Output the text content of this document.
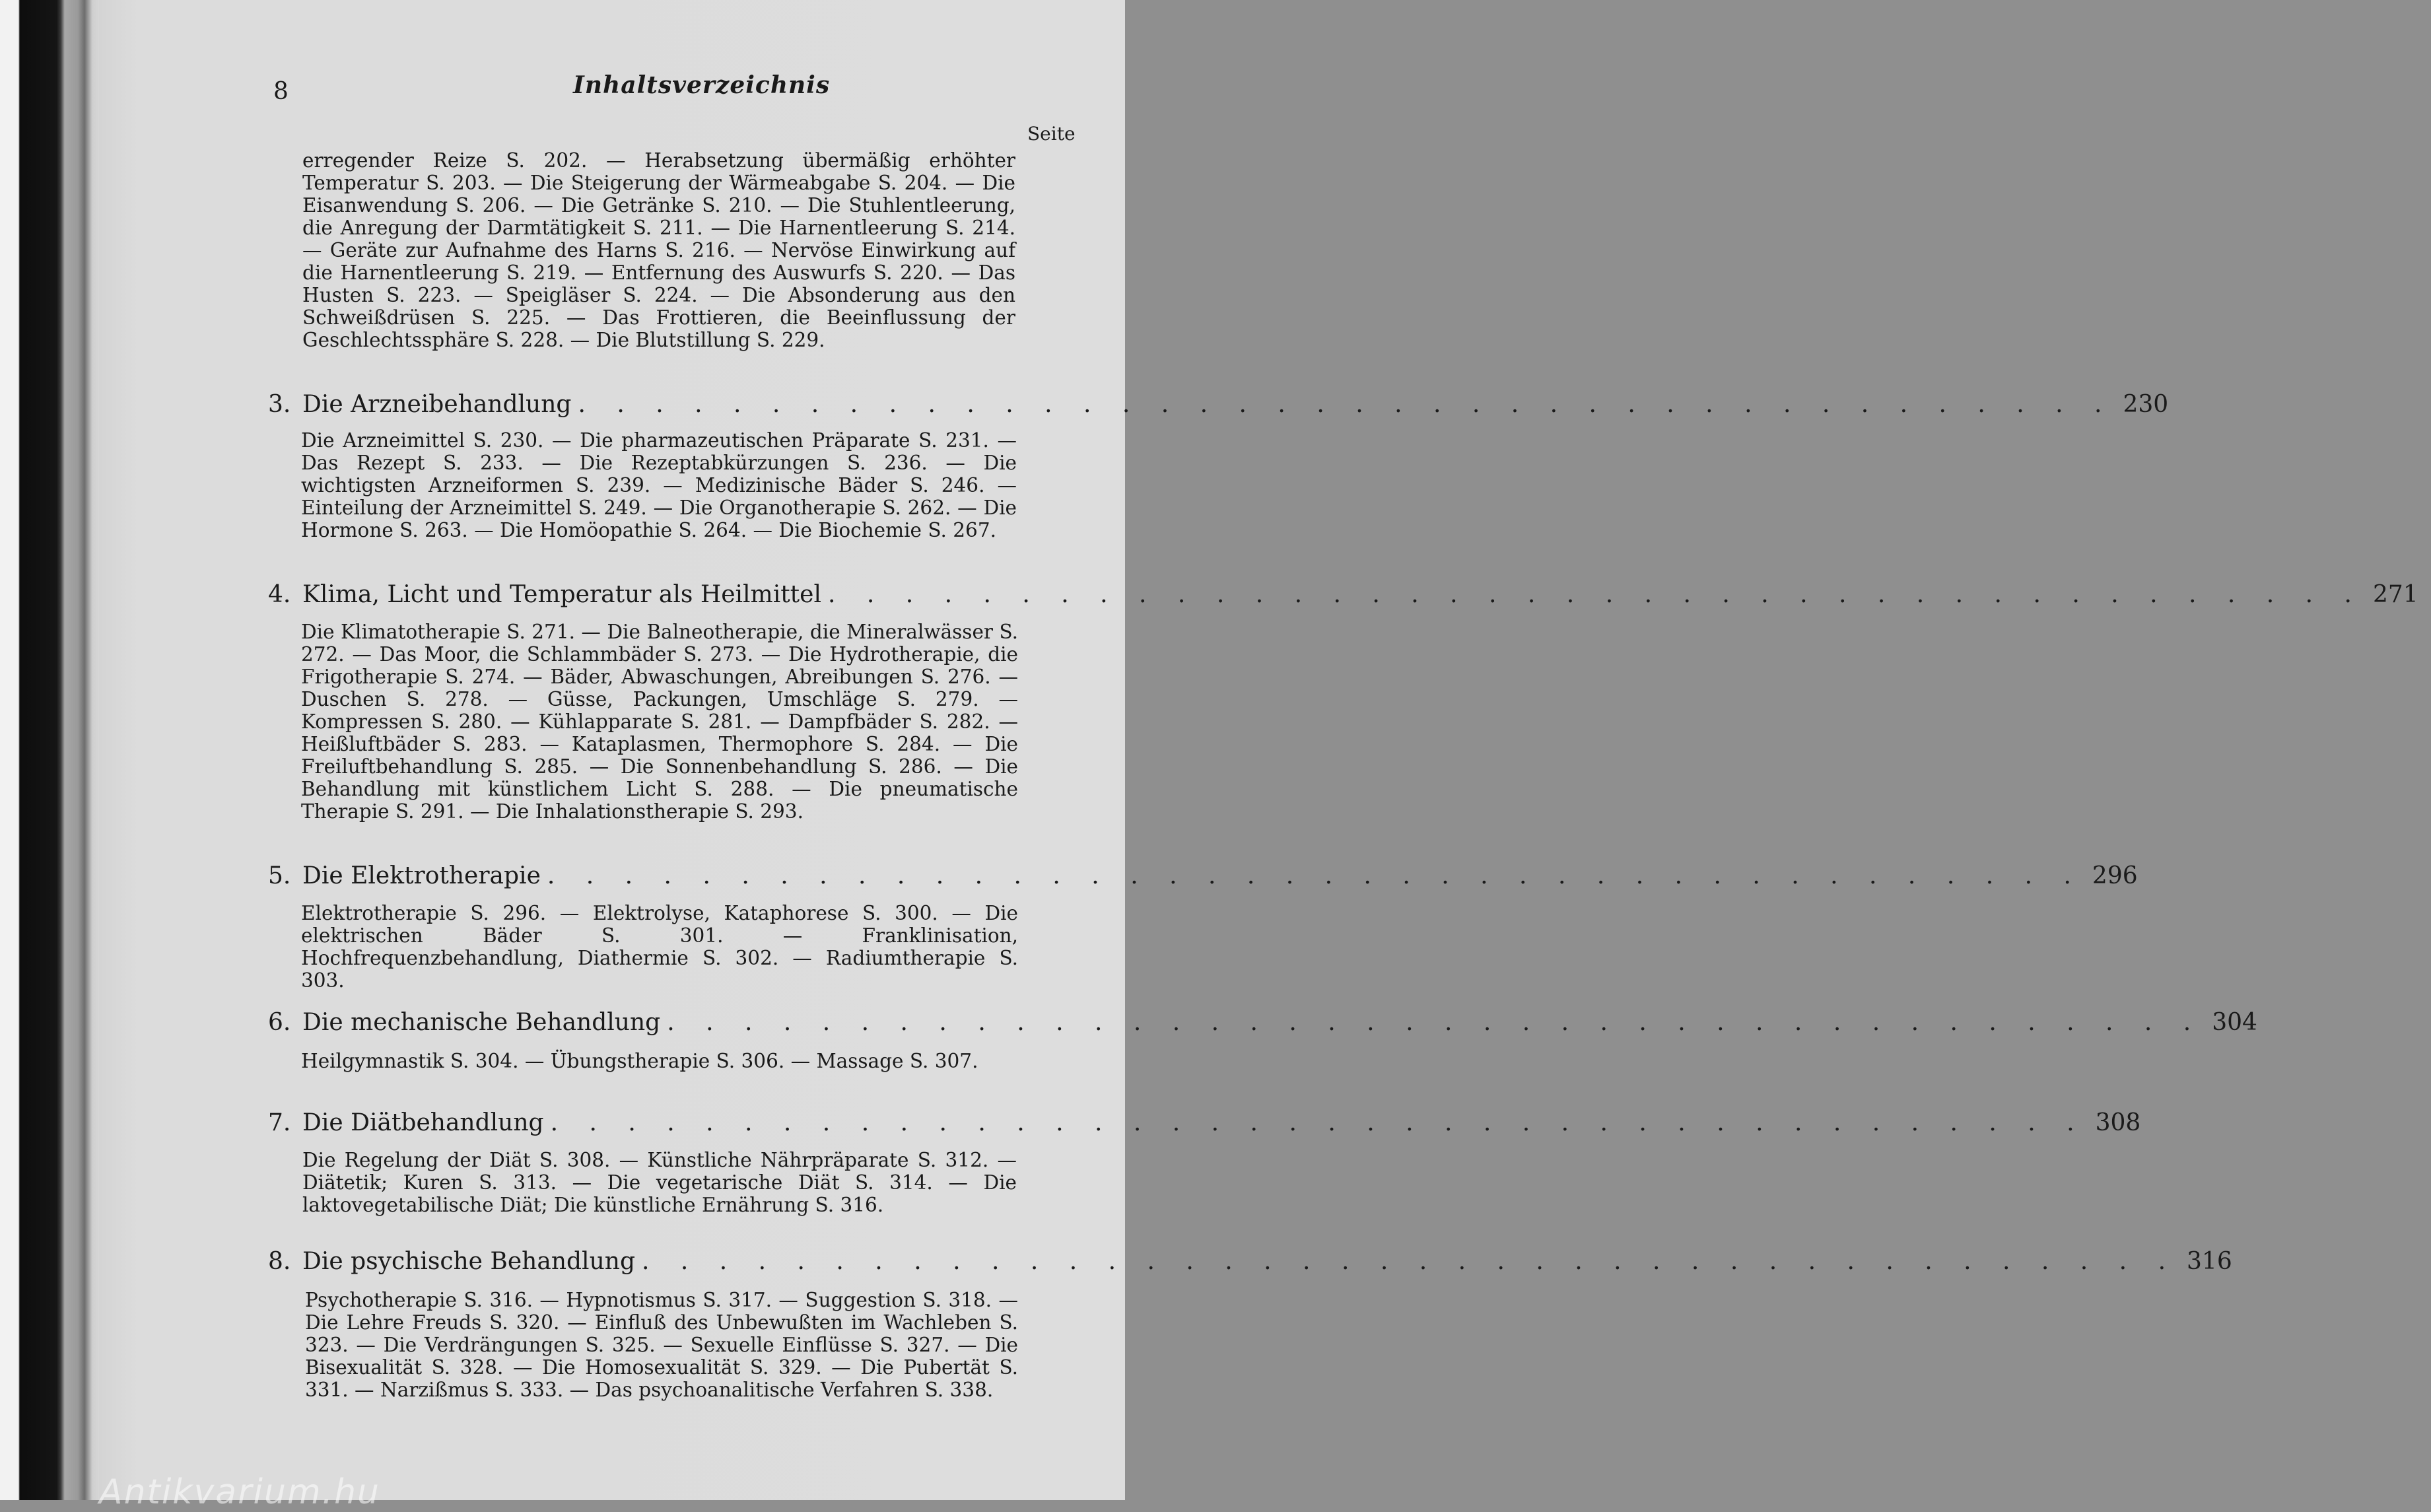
Antikvarium.hu
8	Inhaltsverzeichnis
Seite

erregender Reize S. 202. — Herabsetzung übermäßig erhöhter Temperatur S. 203. — Die Steigerung der Wärmeabgabe S. 204. — Die Eisanwendung S. 206. — Die Getränke S. 210. — Die Stuhlentleerung, die Anregung der Darmtätigkeit S. 211. — Die Harnentleerung S. 214. — Geräte zur Aufnahme des Harns S. 216. — Nervöse Einwirkung auf die Harnentleerung S. 219. — Entfernung des Auswurfs S. 220. — Das Husten S. 223. — Speigläser S. 224. — Die Absonderung aus den Schweißdrüsen S. 225. — Das Frottieren, die Beeinflussung der Geschlechtssphäre S. 228. — Die Blutstillung S. 229.

3. Die Arzneibehandlung . . . . . . . . . . . . . . . . . . . . . . . . . . . . . . . . . . . . . . . . 230

Die Arzneimittel S. 230. — Die pharmazeutischen Präparate S. 231. — Das Rezept S. 233. — Die Rezeptabkürzungen S. 236. — Die wichtigsten Arzneiformen S. 239. — Medizinische Bäder S. 246. — Einteilung der Arzneimittel S. 249. — Die Organotherapie S. 262. — Die Hormone S. 263. — Die Homöopathie S. 264. — Die Biochemie S. 267.

4. Klima, Licht und Temperatur als Heilmittel . . . . . . . . . . . . . . . . . . . . . . . . . . . . . . . . . . . . . . . . 271

Die Klimatotherapie S. 271. — Die Balneotherapie, die Mineralwässer S. 272. — Das Moor, die Schlammbäder S. 273. — Die Hydrotherapie, die Frigotherapie S. 274. — Bäder, Abwaschungen, Abreibungen S. 276. — Duschen S. 278. — Güsse, Packungen, Umschläge S. 279. — Kompressen S. 280. — Kühlapparate S. 281. — Dampfbäder S. 282. — Heißluftbäder S. 283. — Kataplasmen, Thermophore S. 284. — Die Freiluftbehandlung S. 285. — Die Sonnenbehandlung S. 286. — Die Behandlung mit künstlichem Licht S. 288. — Die pneumatische Therapie S. 291. — Die Inhalationstherapie S. 293.

5. Die Elektrotherapie . . . . . . . . . . . . . . . . . . . . . . . . . . . . . . . . . . . . . . . . 296

Elektrotherapie S. 296. — Elektrolyse, Kataphorese S. 300. — Die elektrischen Bäder S. 301. — Franklinisation, Hochfrequenzbehandlung, Diathermie S. 302. — Radiumtherapie S. 303.

6. Die mechanische Behandlung . . . . . . . . . . . . . . . . . . . . . . . . . . . . . . . . . . . . . . . . 304

Heilgymnastik S. 304. — Übungstherapie S. 306. — Massage S. 307.

7. Die Diätbehandlung . . . . . . . . . . . . . . . . . . . . . . . . . . . . . . . . . . . . . . . . 308

Die Regelung der Diät S. 308. — Künstliche Nährpräparate S. 312. — Diätetik; Kuren S. 313. — Die vegetarische Diät S. 314. — Die laktovegetabilische Diät; Die künstliche Ernährung S. 316.

8. Die psychische Behandlung . . . . . . . . . . . . . . . . . . . . . . . . . . . . . . . . . . . . . . . . 316

Psychotherapie S. 316. — Hypnotismus S. 317. — Suggestion S. 318. — Die Lehre Freuds S. 320. — Einfluß des Unbewußten im Wachleben S. 323. — Die Verdrängungen S. 325. — Sexuelle Einflüsse S. 327. — Die Bisexualität S. 328. — Die Homosexualität S. 329. — Die Pubertät S. 331. — Narzißmus S. 333. — Das psychoanalitische Verfahren S. 338.
